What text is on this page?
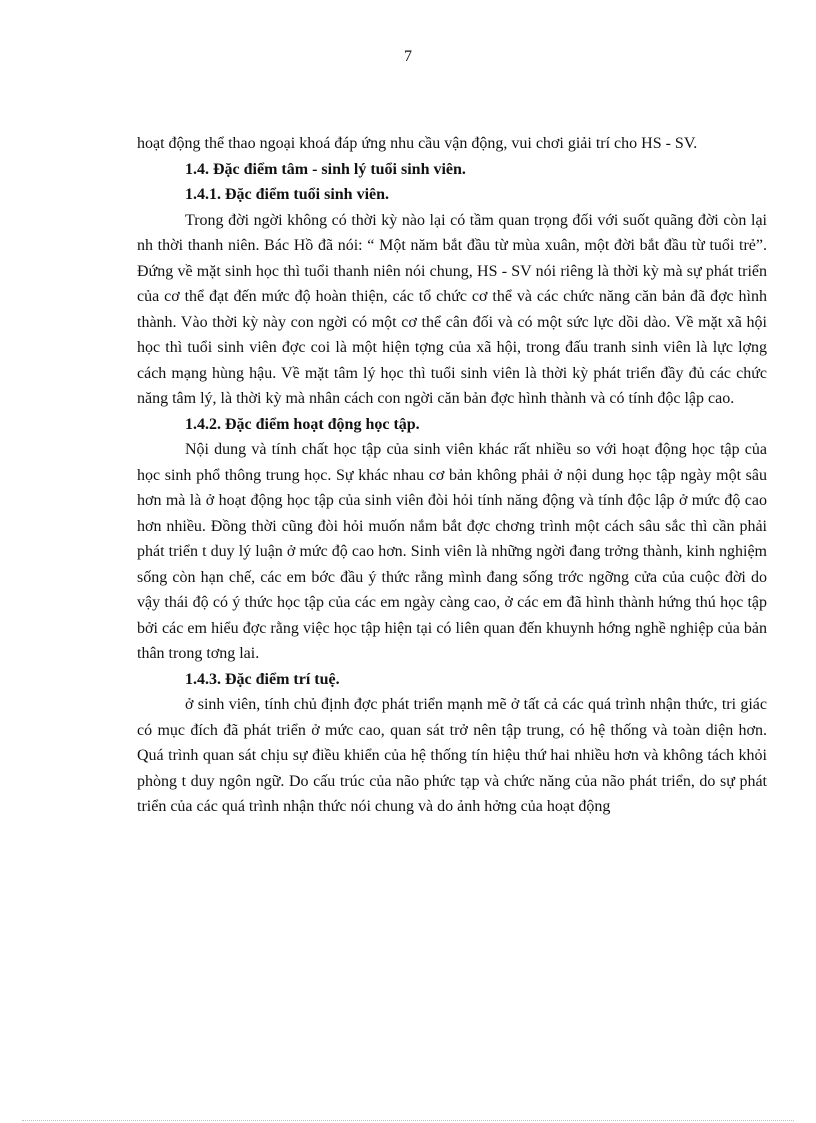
7

hoạt động thể thao ngoại khoá đáp ứng nhu cầu vận động, vui chơi giải trí cho HS - SV.

1.4. Đặc điểm tâm - sinh lý tuổi sinh viên.
1.4.1. Đặc điểm tuổi sinh viên.

Trong đời ngời không có thời kỳ nào lại có tầm quan trọng đối với suốt quãng đời còn lại nh thời thanh niên. Bác Hồ đã nói: “ Một năm bắt đầu từ mùa xuân, một đời bắt đầu từ tuổi trẻ”. Đứng về mặt sinh học thì tuổi thanh niên nói chung, HS - SV nói riêng là thời kỳ mà sự phát triển của cơ thể đạt đến mức độ hoàn thiện, các tổ chức cơ thể và các chức năng căn bản đã đợc hình thành. Vào thời kỳ này con ngời có một cơ thể cân đối và có một sức lực dồi dào. Về mặt xã hội học thì tuổi sinh viên đợc coi là một hiện tợng của xã hội, trong đấu tranh sinh viên là lực lợng cách mạng hùng hậu. Về mặt tâm lý học thì tuổi sinh viên là thời kỳ phát triển đầy đủ các chức năng tâm lý, là thời kỳ mà nhân cách con ngời căn bản đợc hình thành và có tính độc lập cao.

1.4.2. Đặc điểm hoạt động học tập.

Nội dung và tính chất học tập của sinh viên khác rất nhiều so với hoạt động học tập của học sinh phổ thông trung học. Sự khác nhau cơ bản không phải ở nội dung học tập ngày một sâu hơn mà là ở hoạt động học tập của sinh viên đòi hỏi tính năng động và tính độc lập ở mức độ cao hơn nhiều. Đồng thời cũng đòi hỏi muốn nắm bắt đợc chơng trình một cách sâu sắc thì cần phải phát triển t duy lý luận ở mức độ cao hơn. Sinh viên là những ngời đang trởng thành, kinh nghiệm sống còn hạn chế, các em bớc đầu ý thức rằng mình đang sống trớc ngỡng cửa của cuộc đời do vậy thái độ có ý thức học tập của các em ngày càng cao, ở các em đã hình thành hứng thú học tập bởi các em hiểu đợc rằng việc học tập hiện tại có liên quan đến khuynh hớng nghề nghiệp của bản thân trong tơng lai.

1.4.3. Đặc điểm trí tuệ.

ở sinh viên, tính chủ định đợc phát triển mạnh mẽ ở tất cả các quá trình nhận thức, tri giác có mục đích đã phát triển ở mức cao, quan sát trở nên tập trung, có hệ thống và toàn diện hơn. Quá trình quan sát chịu sự điều khiển của hệ thống tín hiệu thứ hai nhiều hơn và không tách khỏi phòng t duy ngôn ngữ. Do cấu trúc của não phức tạp và chức năng của não phát triển, do sự phát triển của các quá trình nhận thức nói chung và do ảnh hởng của hoạt động
